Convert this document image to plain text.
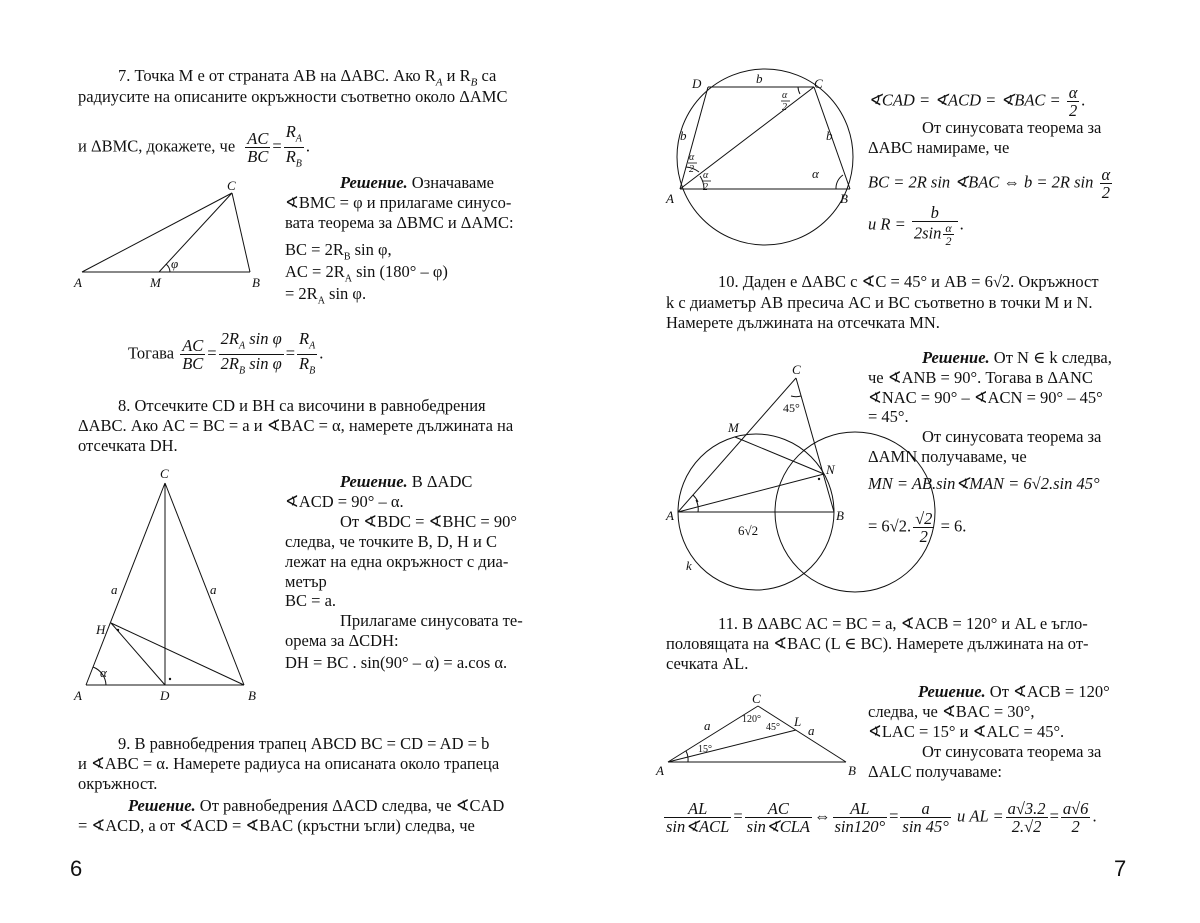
7. Точка M е от страната AB на ΔABC. Ако $R_A$ и $R_B$ са
радиусите на описаните окръжности съответно около ΔAMC
и ΔBMC, докажете, че $\frac{AC}{BC} = \frac{R_A}{R_B}$ .
A	M	B
C
φ
Решение. Означаваме
∢BMC = φ и прилагаме синусо-
вата теорема за ΔBMC и ΔAMC:
BC = $2R_B$ sin φ,
AC = $2R_A$ sin (180° – φ)
= $2R_A$ sin φ.
Тогава $\frac{AC}{BC} = \frac{2R_A \sin \varphi}{2R_B \sin \varphi} = \frac{R_A}{R_B}$ .
8. Отсечките CD и BH са височини в равнобедрения
ΔABC. Ако AC = BC = a и ∢BAC = α, намерете дължината на
отсечката DH.
C
a	a
H
α
A	D	B
Решение. В ΔADC
∢ACD = 90° – α.
От ∢BDC = ∢BHC = 90°
следва, че точките B, D, H и C
лежат на една окръжност с диа-
метър
BC = a.
Прилагаме синусовата те-
орема за ΔCDH:
DH = BC . sin(90° – α) = a.cos α.
9. В равнобедрения трапец ABCD BC = CD = AD = b
и ∢ABC = α. Намерете радиуса на описаната около трапеца
окръжност.
Решение. От равнобедрения ΔACD следва, че ∢CAD
= ∢ACD, а от ∢ACD = ∢BAC (кръстни ъгли) следва, че
6
D	C
A	B
b
b	b
α
α
2
α
2
α
2
∢CAD = ∢ACD = ∢BAC = $\frac{\alpha}{2}$ .
От синусовата теорема за
ΔABC намираме, че
BC = 2R sin ∢BAC ⇔ b = 2R $\sin \frac{\alpha}{2}$
и $R = \frac{b}{2\sin \frac{\alpha}{2}}$ .
10. Даден е ΔABC с ∢C = 45° и AB = 6√2. Окръжност
k с диаметър AB пресича AC и BC съответно в точки M и N.
Намерете дължината на отсечката MN.
C
45°
M
N
A	B
k
6√2
Решение. От N ∈ k следва,
че ∢ANB = 90°. Тогава в ΔANC
∢NAC = 90° – ∢ACN = 90° – 45°
= 45°.
От синусовата теорема за
ΔAMN получаваме, че
MN = AB.sin∢MAN = 6√2.sin 45°
= 6√2. $\frac{√2}{2} = 6$.
11. В ΔABC AC = BC = a, ∢ACB = 120° и AL е ъгло-
половящата на ∢BAC (L ∈ BC). Намерете дължината на от-
сечката AL.
C
L
A	B
a	a
120°
45°
15°
Решение. От ∢ACB = 120°
следва, че ∢BAC = 30°,
∢LAC = 15° и ∢ALC = 45°.
От синусовата теорема за
ΔALC получаваме:
$\frac{AL}{\text{sin∢ACL}} = \frac{AC}{\text{sin∢CLA}}$ ⇔ $\frac{AL}{\sin 120^\circ} = \frac{a}{\sin 45^\circ}$ и AL = $\frac{a√3.2}{2.√2} = \frac{a√6}{2}$ .
7
